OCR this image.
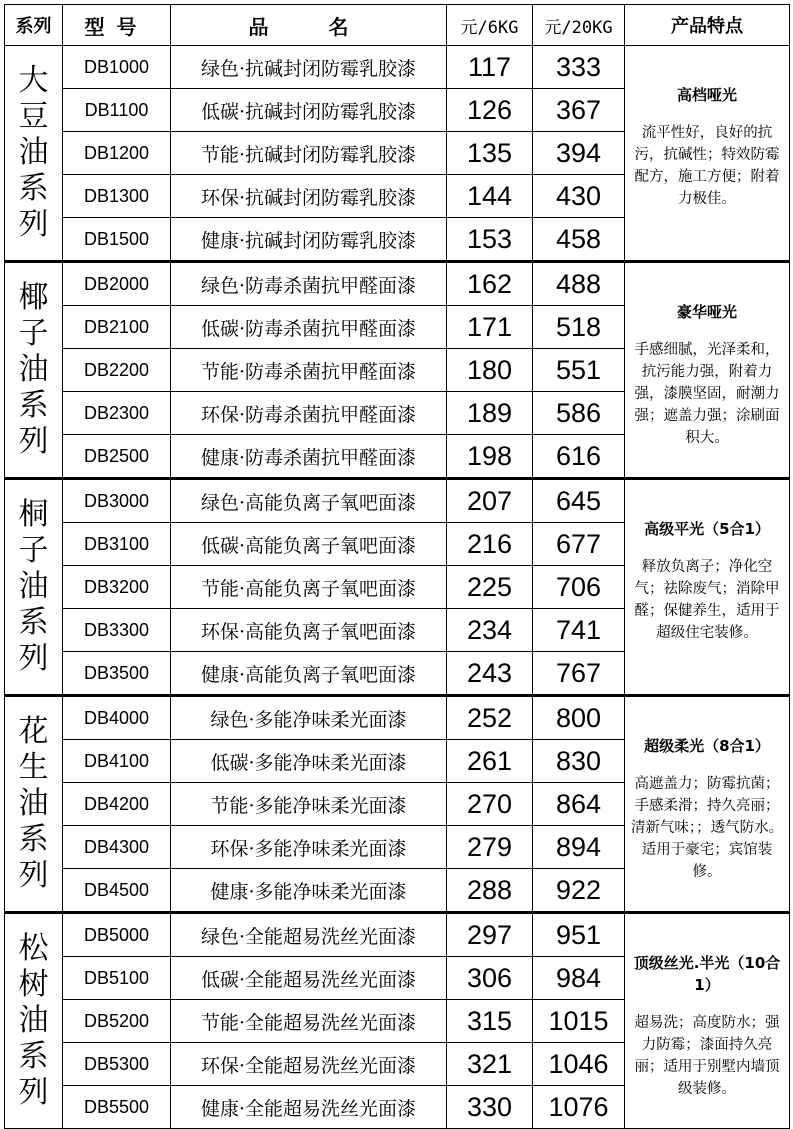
系列	型号	品名	元/6KG	元/20KG	产品特点

大豆油系列	DB1000	绿色·抗碱封闭防霉乳胶漆	117	333	高档哑光
流平性好，良好的抗污，抗碱性；特效防霉配方，施工方便；附着力极佳。

	DB1100	低碳·抗碱封闭防霉乳胶漆	126	367	
	DB1200	节能·抗碱封闭防霉乳胶漆	135	394	
	DB1300	环保·抗碱封闭防霉乳胶漆	144	430	
	DB1500	健康·抗碱封闭防霉乳胶漆	153	458	

椰子油系列	DB2000	绿色·防毒杀菌抗甲醛面漆	162	488	豪华哑光
手感细腻，光泽柔和，抗污能力强，附着力强，漆膜坚固，耐潮力强；遮盖力强；涂刷面积大。

	DB2100	低碳·防毒杀菌抗甲醛面漆	171	518	
	DB2200	节能·防毒杀菌抗甲醛面漆	180	551	
	DB2300	环保·防毒杀菌抗甲醛面漆	189	586	
	DB2500	健康·防毒杀菌抗甲醛面漆	198	616	

桐子油系列	DB3000	绿色·高能负离子氧吧面漆	207	645	高级平光（5合1）
释放负离子；净化空气；祛除废气；消除甲醛；保健养生，适用于超级住宅装修。

	DB3100	低碳·高能负离子氧吧面漆	216	677	
	DB3200	节能·高能负离子氧吧面漆	225	706	
	DB3300	环保·高能负离子氧吧面漆	234	741	
	DB3500	健康·高能负离子氧吧面漆	243	767	

花生油系列	DB4000	绿色·多能净味柔光面漆	252	800	超级柔光（8合1）
高遮盖力；防霉抗菌；手感柔滑；持久亮丽；清新气味；；透气防水。适用于豪宅；宾馆装修。

	DB4100	低碳·多能净味柔光面漆	261	830	
	DB4200	节能·多能净味柔光面漆	270	864	
	DB4300	环保·多能净味柔光面漆	279	894	
	DB4500	健康·多能净味柔光面漆	288	922	

松树油系列	DB5000	绿色·全能超易洗丝光面漆	297	951	顶级丝光.半光（10合1）
超易洗；高度防水；强力防霉；漆面持久亮丽；适用于别墅内墙顶级装修。

	DB5100	低碳·全能超易洗丝光面漆	306	984	
	DB5200	节能·全能超易洗丝光面漆	315	1015	
	DB5300	环保·全能超易洗丝光面漆	321	1046	
	DB5500	健康·全能超易洗丝光面漆	330	1076	
